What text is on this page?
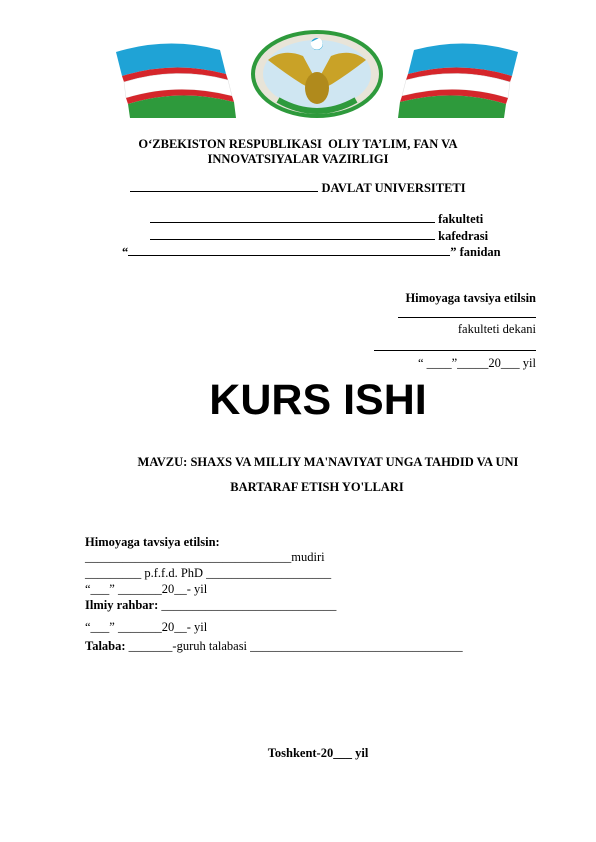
O‘ZBEKISTON RESPUBLIKASI  OLIY TA’LIM, FAN VA
INNOVATSIYALAR VAZIRLIGI
DAVLAT UNIVERSITETI
fakulteti
kafedrasi
“	” fanidan
Himoyaga tavsiya etilsin
fakulteti dekani
“ ____”_____20___ yil
KURS ISHI
MAVZU: SHAXS VA MILLIY MA'NAVIYAT UNGA TAHDID VA UNI
BARTARAF ETISH YO'LLARI
Himoyaga tavsiya etilsin:
_________________________________mudiri
_________ p.f.f.d. PhD ____________________
“___” _______20__- yil
Ilmiy rahbar: ____________________________
“___” _______20__- yil
Talaba: _______-guruh talabasi __________________________________
Toshkent-20___ yil
